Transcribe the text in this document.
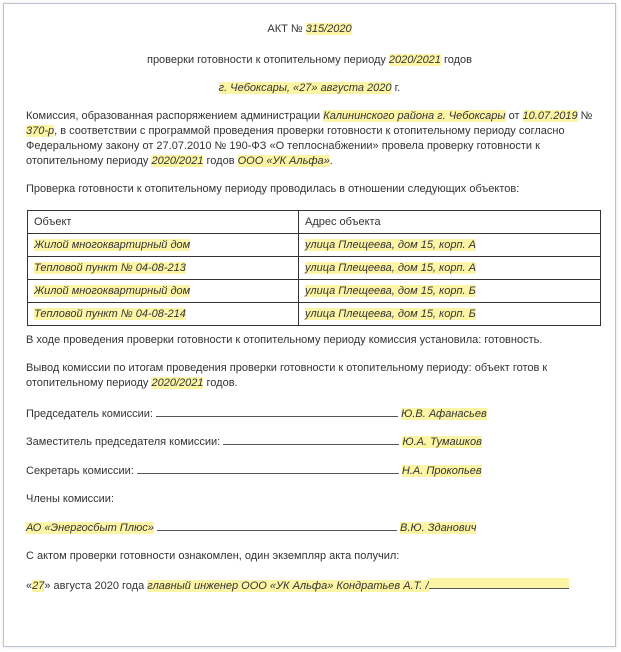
АКТ № 315/2020
проверки готовности к отопительному периоду 2020/2021 годов
г. Чебоксары, «27» августа 2020 г.
Комиссия, образованная распоряжением администрации Калининского района г. Чебоксары от 10.07.2019 № 370-р, в соответствии с программой проведения проверки готовности к отопительному периоду согласно Федеральному закону от 27.07.2010 № 190-ФЗ «О теплоснабжении» провела проверку готовности к отопительному периоду 2020/2021 годов ООО «УК Альфа».
Проверка готовности к отопительному периоду проводилась в отношении следующих объектов:
Объект	Адрес объекта
Жилой многоквартирный дом	улица Плещеева, дом 15, корп. А
Тепловой пункт № 04-08-213	улица Плещеева, дом 15, корп. А
Жилой многоквартирный дом	улица Плещеева, дом 15, корп. Б
Тепловой пункт № 04-08-214	улица Плещеева, дом 15, корп. Б
В ходе проведения проверки готовности к отопительному периоду комиссия установила: готовность.
Вывод комиссии по итогам проведения проверки готовности к отопительному периоду: объект готов к отопительному периоду 2020/2021 годов.
Председатель комиссии:	Ю.В. Афанасьев
Заместитель председателя комиссии:	Ю.А. Тумашков
Секретарь комиссии:	Н.А. Прокопьев
Члены комиссии:
АО «Энергосбыт Плюс»	В.Ю. Зданович
С актом проверки готовности ознакомлен, один экземпляр акта получил:
«27» августа 2020 года главный инженер ООО «УК Альфа» Кондратьев А.Т. /
